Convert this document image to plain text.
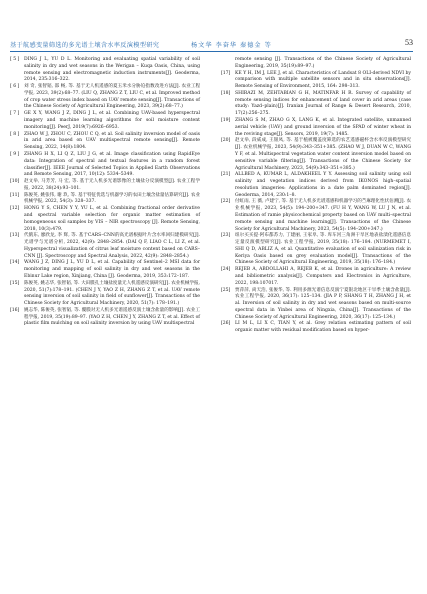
基于航感变量筛选的多光谱土壤含水率反演模型研究	杨文华 李奋华 秦德金 等	53
[ 5 ]	DING J L, YU D L. Monitoring and evaluating spatial variability of soil salinity in dry and wet seasons in the Werigan – Kuqa Oasis, China, using remote sensing and electromagnetic induction instruments[J]. Geoderma, 2014, 235:316–322.
[ 6 ]	刘 奇, 张智韬, 邵 畅, 等. 基于无人机遥感的夏玉米水分胁迫指数改进方法[J]. 农业工程学报, 2023, 39(2):68–77. (LIU Q, ZHANG Z T, LIU C, et al. Improved method of crop water stress index based on UAV remote sensing[J]. Transactions of the Chinese Society of Agricultural Engineering, 2023, 39(2):68–77.)
[ 7 ]	GE X Y, WANG J Z, DING J L, et al. Combining UAV-based hyperspectral imagery and machine learning algorithms for soil moisture content monitoring[J]. PeerJ, 2019(7):6926–6953.
[ 8 ]	ZHAO W J, ZHOU C, ZHOU C Q, et al. Soil salinity inversion model of oasis in arid area based on UAV multispectral remote sensing[J]. Remote Sensing, 2022, 14(8):1804.
[ 9 ]	ZHANG H X, LI Q Z, LIU J G, et al. Image classification using RapidEye data: Integration of spectral and textual features in a random forest classifier[J]. IEEE Journal of Selected Topics in Applied Earth Observations and Remote Sensing, 2017, 10(12): 5334–5349.
[10]	赵文举, 马芳芳, 马 宏, 等. 基于无人机多光谱影像的土壤盐分反演模型[J]. 农业工程学报, 2022, 38(24):93–101.
[11]	陈俊英, 姚张伟, 谢 玖, 等. 基于特征优选与机器学习的农田土壤含盐量估算研究[J]. 农业机械学报, 2022, 54(3): 328–337.
[12]	HONG Y S, CHEN Y Y, YU L, et al. Combining fractional order derivative and spectral variable selection for organic matter estimation of homogeneous soil samples by VIS – NIR spectroscopy [J]. Remote Sensing, 2018, 10(3):479.
[13]	代鹤东, 廖欣龙, 李 辉, 等. 基于CARS–CNN的高光谱根据叶片含水率回归建模研究[J]. 光谱学与光谱分析, 2022, 42(9): 2848–2854. (DAI Q F, LIAO C L, LI Z, et al. Hyperspectral visualization of citrus leaf moisture content based on CARS–CNN [J]. Spectroscopy and Spectral Analysis, 2022, 42(9): 2848–2854.)
[14]	WANG J Z, DING J L, YU D L, et al. Capability of Sentinel–2 MSI data for monitoring and mapping of soil salinity in dry and wet seasons in the Ebinur Lake region, Xinjiang, China [J]. Geoderma, 2019, 353:172–187.
[15]	陈俊英, 姚志华, 张智韬, 等. 大田膜孔土壤盐度量无人机遥感反演研究[J]. 农业机械学报, 2020, 51(7):178–191. (CHEN J Y, YAO Z H, ZHANG Z T, et al. UAV remote sensing inversion of soil salinity in field of sunflower[J]. Transactions of the Chinese Society for Agricultural Machinery, 2020, 51(7): 178–191.)
[16]	姚志华, 陈俊英, 张智韬, 等. 覆膜对无人机多光谱遥感反演土壤含盐量的影响[J]. 农业工程学报, 2019, 35(19):89–97. (YAO Z H, CHEN J Y, ZHANG Z T, et al. Effect of plastic film mulching on soil salinity inversion by using UAV multispectral
remote sensing [J]. Transactions of the Chinese Society of Agricultural Engineering, 2019, 35(19):89–97.)
[17]	KE Y H, IM J, LEE J, et al. Characteristics of Landsat 8 OLI-derived NDVI by comparison with multiple satellite sensors and in situ observations[J]. Remote Sensing of Environment, 2015, 164: 298–313.
[18]	SHIRAZI M, ZEHTABIAN G H, MATINFAR H R. Survey of capability of remote sensing indices for enhancement of land cover in arid areas (case study: Yazd–plain)[J]. Iranian Journal of Range & Desert Research, 2010, 17(2):256–275.
[19]	ZHANG S M, ZHAO G X, LANG K, et al. Integrated satellite, unmanned aerial vehicle (UAV) and ground inversion of the SPAD of winter wheat in the reviving stage[J]. Sensors, 2019, 19(7): 1485.
[20]	赵文举, 段威成, 王银凤, 等. 基于植被覆盖度筛选的农艺遥感磁杯含水率反演模型研究[J]. 农业机械学报, 2023, 54(9):343–351+385. (ZHAO W J, DUAN W C, WANG Y F, et al. Multispectral vegetation water content inversion model based on sensitive variable filtering[J]. Transactions of the Chinese Society for Agricultural Machinery, 2023, 54(9):343–351+385.)
[21]	ALLBED A, KUMAR L, ALDAKHEEL Y Y. Assessing soil salinity using soil salinity and vegetation indices derived from IKONOS high–spatial resolution imageries: Applications in a date palm dominated region[J]. Geoderma, 2014, 230:1–8.
[22]	付虹雨, 王 薇, 卢建宁, 等. 基于无人机多光谱遥感和机器学习的苎麻理化性状估测[J]. 农业机械学报, 2023, 54(5): 194–200+347. (FU H Y, WANG W, LU J N, et al. Estimation of ramie physicochemical property based on UAV multi–spectral remote sensing and machine learning[J]. Transactions of the Chinese Society for Agricultural Machinery, 2023, 54(5): 194–200+347.)
[23]	纽尔买买提·阿布都苏力, 丁建丽, 王家阜, 等. 库车河三角洲干旱区地表盐渍化遥感信息定量反演模型研究[J]. 农业工程学报, 2019, 35(18): 176–184. (NURMEMET I, SHI Q D, ABLIZ A, et al. Quantitative evaluation of soil salinization risk in Keriya Oasis based on grey evaluation model[J]. Transactions of the Chinese Society of Agricultural Engineering, 2019, 35(18): 176–184.)
[24]	REJEB A, ABDOLLAHI A, REJEB K, et al. Drones in agriculture: A review and bibliometric analysis[J]. Computers and Electronics in Agriculture, 2022, 198:107017.
[25]	贾萍萍, 尚天浩, 张俊华, 等. 利用多源光谱信息反演宁夏银北地区干旱季土壤含盐量[J]. 农业工程学报, 2020, 36(17): 125–134. (JIA P P, SHANG T H, ZHANG J H, et al. Inversion of soil salinity in dry and wet seasons based on multi-source spectral data in Yinbei area of Ningxia, China[J]. Transactions of the Chinese Society of Agricultural Engineering, 2020, 36(17): 125–134.)
[26]	LI M L, LI X C, TIAN Y, et al. Grey relation estimating pattern of soil organic matter with residual modification based on hyper-
